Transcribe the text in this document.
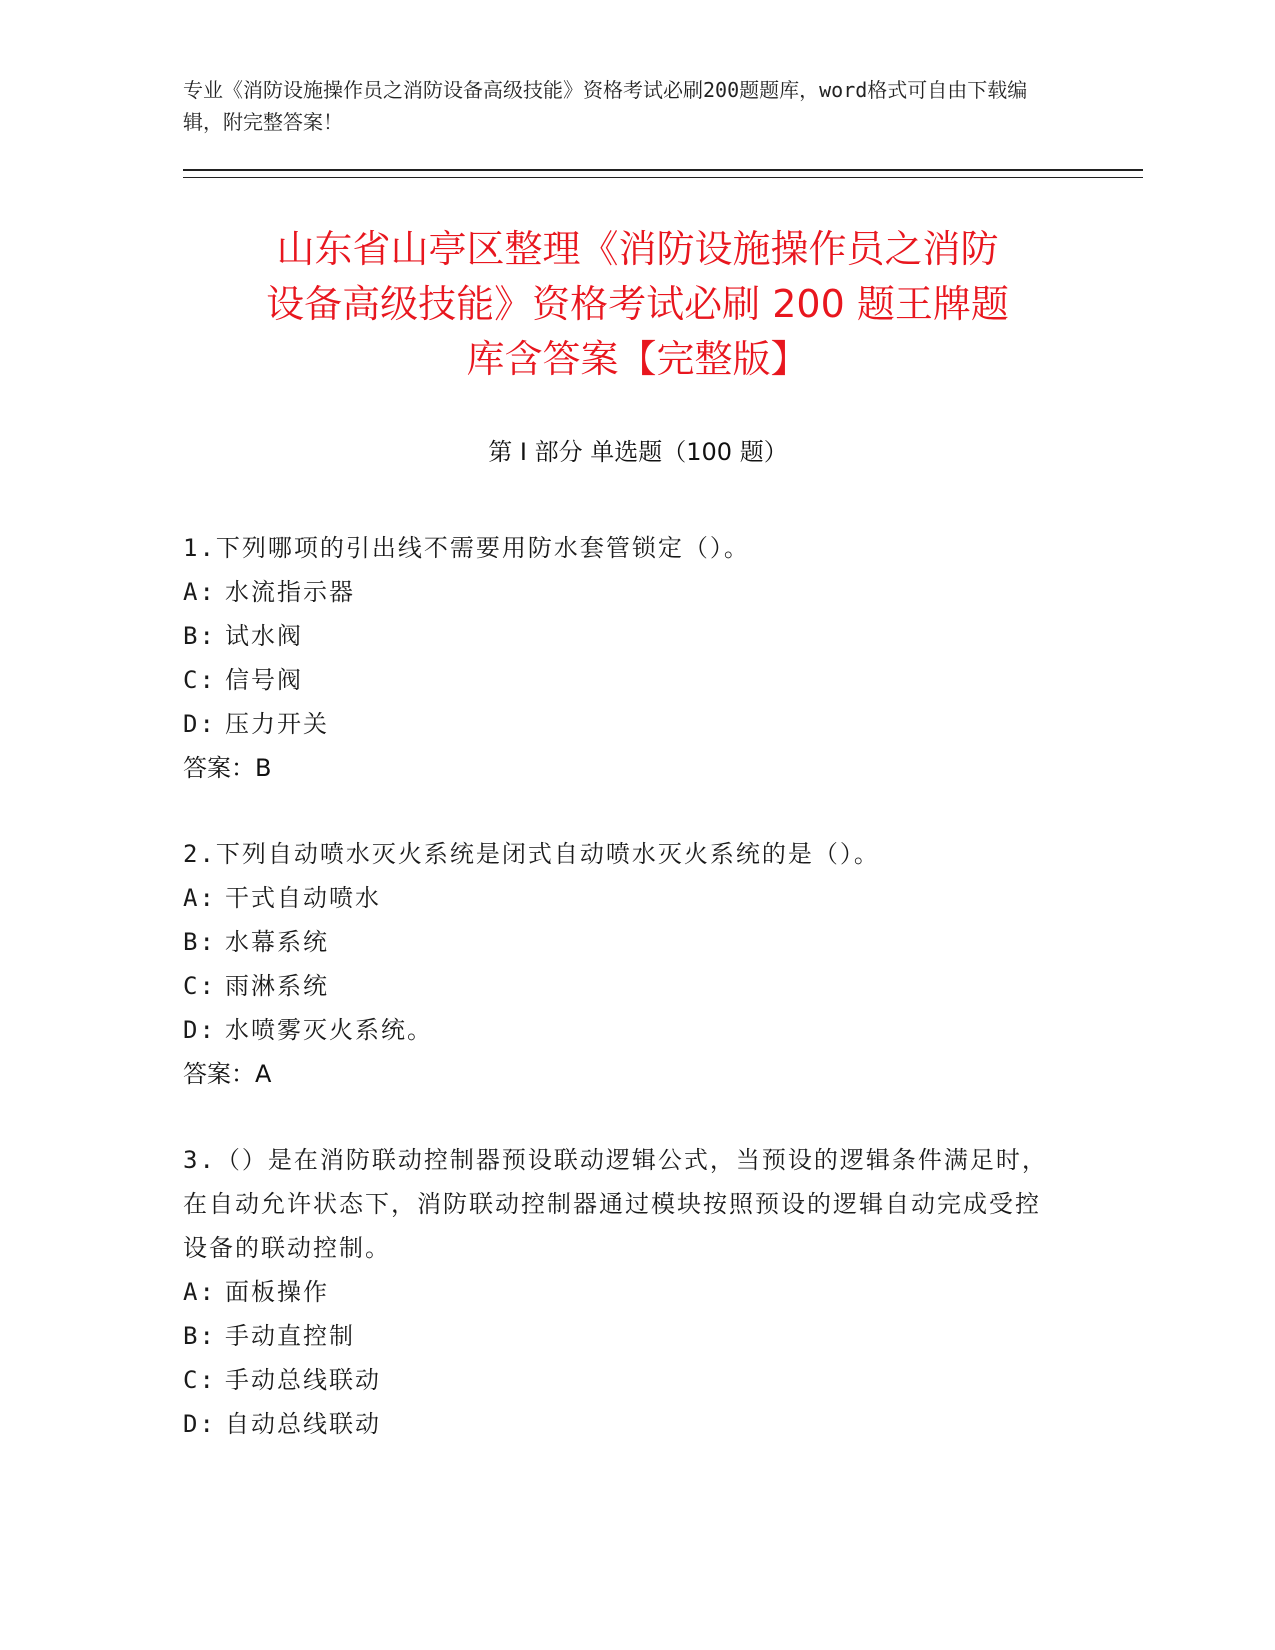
专业《消防设施操作员之消防设备高级技能》资格考试必刷200题题库，word格式可自由下载编辑，附完整答案！
山东省山亭区整理《消防设施操作员之消防
设备高级技能》资格考试必刷 200 题王牌题
库含答案【完整版】
第 I 部分 单选题（100 题）
1.下列哪项的引出线不需要用防水套管锁定（）。
A: 水流指示器
B: 试水阀
C: 信号阀
D: 压力开关
答案：B
2.下列自动喷水灭火系统是闭式自动喷水灭火系统的是（）。
A: 干式自动喷水
B: 水幕系统
C: 雨淋系统
D: 水喷雾灭火系统。
答案：A
3.（）是在消防联动控制器预设联动逻辑公式，当预设的逻辑条件满足时，在自动允许状态下，消防联动控制器通过模块按照预设的逻辑自动完成受控设备的联动控制。
A: 面板操作
B: 手动直控制
C: 手动总线联动
D: 自动总线联动
